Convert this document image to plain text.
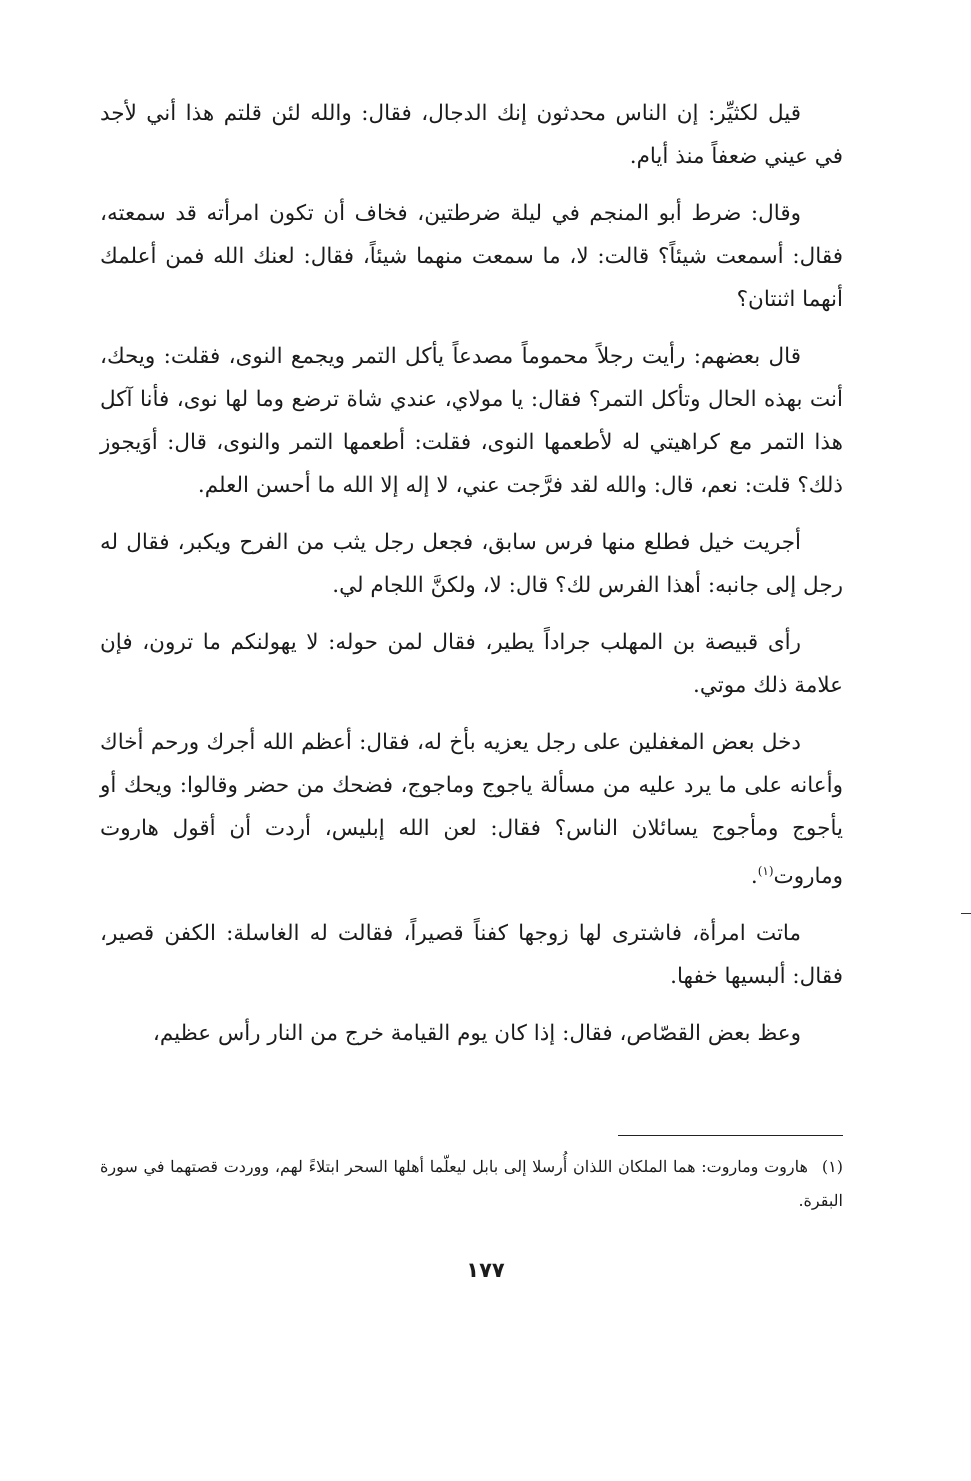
قيل لكثيِّر: إن الناس محدثون إنك الدجال، فقال: والله لئن قلتم هذا أني لأجد في عيني ضعفاً منذ أيام.

وقال: ضرط أبو المنجم في ليلة ضرطتين، فخاف أن تكون امرأته قد سمعته، فقال: أسمعت شيئاً؟ قالت: لا، ما سمعت منهما شيئاً، فقال: لعنك الله فمن أعلمك أنهما اثنتان؟

قال بعضهم: رأيت رجلاً محموماً مصدعاً يأكل التمر ويجمع النوى، فقلت: ويحك، أنت بهذه الحال وتأكل التمر؟ فقال: يا مولاي، عندي شاة ترضع وما لها نوى، فأنا آكل هذا التمر مع كراهيتي له لأطعمها النوى، فقلت: أطعمها التمر والنوى، قال: أوَيجوز ذلك؟ قلت: نعم، قال: والله لقد فرَّجت عني، لا إله إلا الله ما أحسن العلم.

أجريت خيل فطلع منها فرس سابق، فجعل رجل يثب من الفرح ويكبر، فقال له رجل إلى جانبه: أهذا الفرس لك؟ قال: لا، ولكنَّ اللجام لي.

رأى قبيصة بن المهلب جراداً يطير، فقال لمن حوله: لا يهولنكم ما ترون، فإن علامة ذلك موتي.

دخل بعض المغفلين على رجل يعزيه بأخ له، فقال: أعظم الله أجرك ورحم أخاك وأعانه على ما يرد عليه من مسألة ياجوج وماجوج، فضحك من حضر وقالوا: ويحك أو يأجوج ومأجوج يسائلان الناس؟ فقال: لعن الله إبليس، أردت أن أقول هاروت وماروت$^{(١)}$.

ماتت امرأة، فاشترى لها زوجها كفناً قصيراً، فقالت له الغاسلة: الكفن قصير، فقال: ألبسيها خفها.

وعظ بعض القصّاص، فقال: إذا كان يوم القيامة خرج من النار رأس عظيم،

(١)هاروت وماروت: هما الملكان اللذان أُرسلا إلى بابل ليعلّما أهلها السحر ابتلاءً لهم، ووردت قصتهما في سورة البقرة.
١٧٧
